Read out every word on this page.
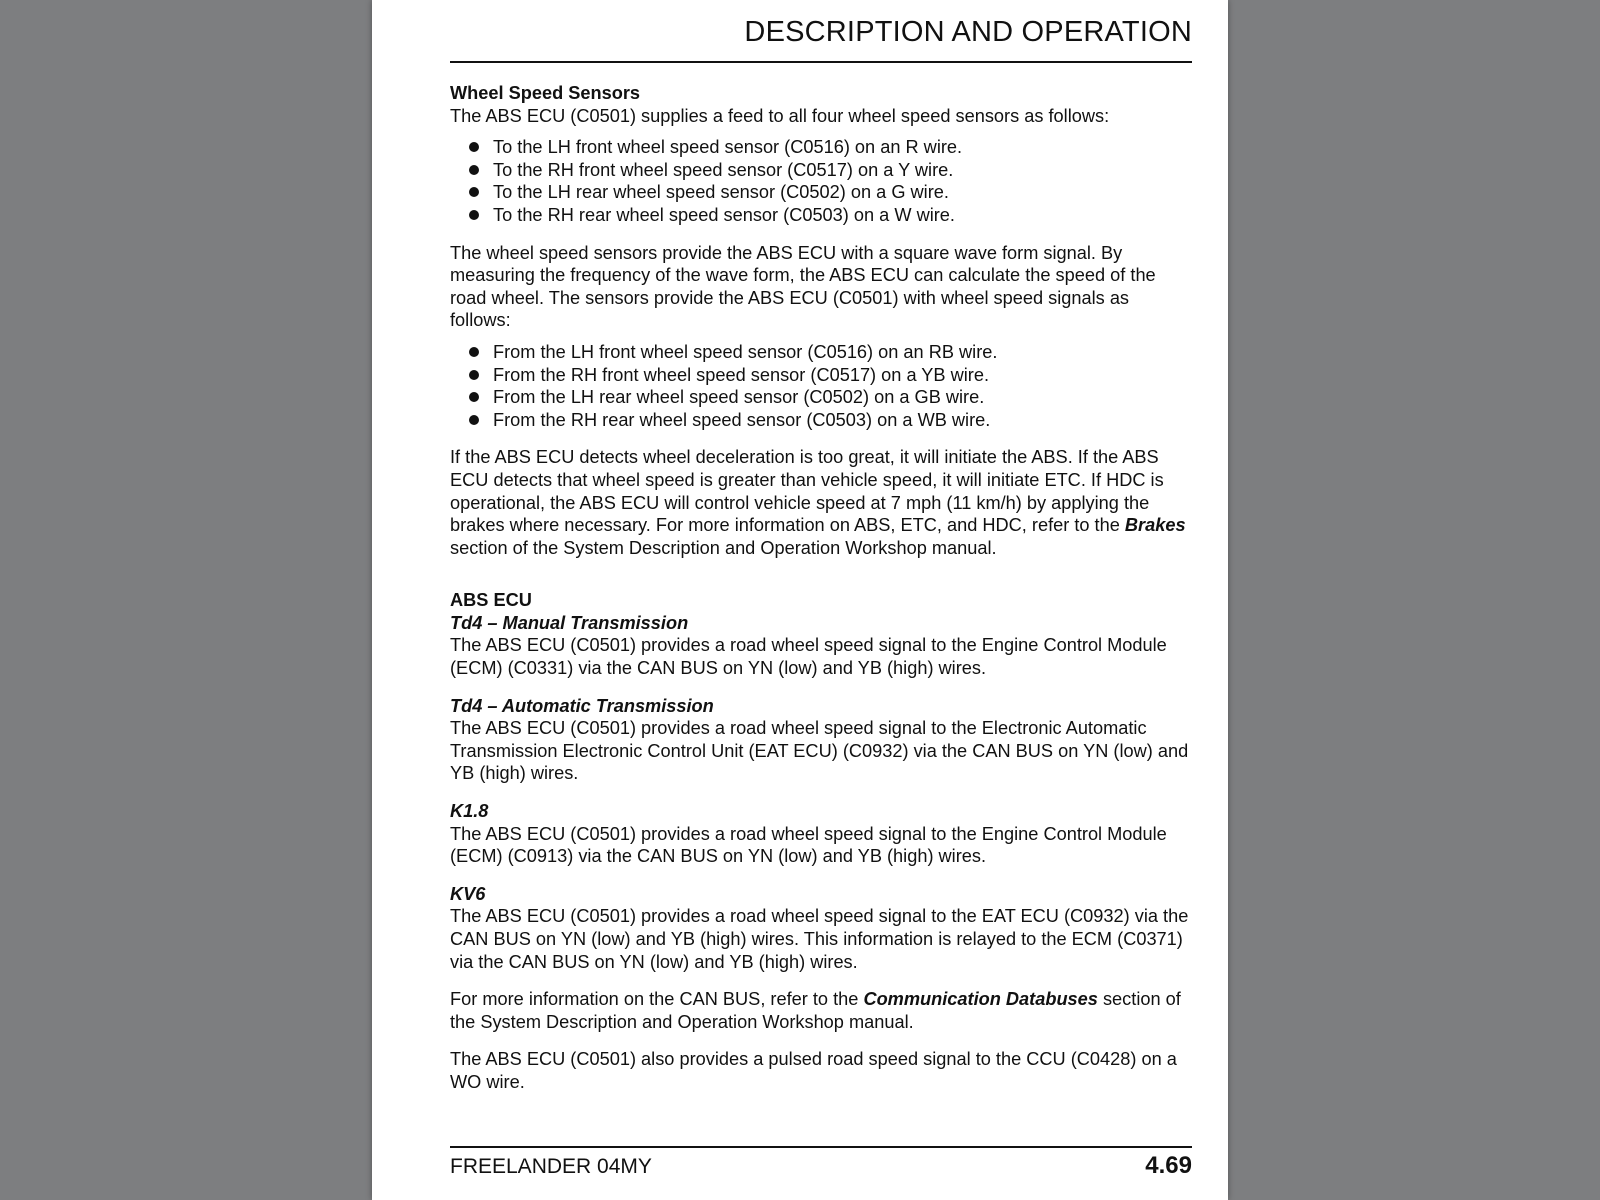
DESCRIPTION AND OPERATION

Wheel Speed Sensors

The ABS ECU (C0501) supplies a feed to all four wheel speed sensors as follows:

To the LH front wheel speed sensor (C0516) on an R wire.
To the RH front wheel speed sensor (C0517) on a Y wire.
To the LH rear wheel speed sensor (C0502) on a G wire.
To the RH rear wheel speed sensor (C0503) on a W wire.

The wheel speed sensors provide the ABS ECU with a square wave form signal. By measuring the frequency of the wave form, the ABS ECU can calculate the speed of the road wheel. The sensors provide the ABS ECU (C0501) with wheel speed signals as follows:

From the LH front wheel speed sensor (C0516) on an RB wire.
From the RH front wheel speed sensor (C0517) on a YB wire.
From the LH rear wheel speed sensor (C0502) on a GB wire.
From the RH rear wheel speed sensor (C0503) on a WB wire.

If the ABS ECU detects wheel deceleration is too great, it will initiate the ABS. If the ABS ECU detects that wheel speed is greater than vehicle speed, it will initiate ETC. If HDC is operational, the ABS ECU will control vehicle speed at 7 mph (11 km/h) by applying the brakes where necessary. For more information on ABS, ETC, and HDC, refer to the Brakes section of the System Description and Operation Workshop manual.

ABS ECU

Td4 – Manual Transmission

The ABS ECU (C0501) provides a road wheel speed signal to the Engine Control Module (ECM) (C0331) via the CAN BUS on YN (low) and YB (high) wires.

Td4 – Automatic Transmission

The ABS ECU (C0501) provides a road wheel speed signal to the Electronic Automatic Transmission Electronic Control Unit (EAT ECU) (C0932) via the CAN BUS on YN (low) and YB (high) wires.

K1.8

The ABS ECU (C0501) provides a road wheel speed signal to the Engine Control Module (ECM) (C0913) via the CAN BUS on YN (low) and YB (high) wires.

KV6

The ABS ECU (C0501) provides a road wheel speed signal to the EAT ECU (C0932) via the CAN BUS on YN (low) and YB (high) wires. This information is relayed to the ECM (C0371) via the CAN BUS on YN (low) and YB (high) wires.

For more information on the CAN BUS, refer to the Communication Databuses section of the System Description and Operation Workshop manual.

The ABS ECU (C0501) also provides a pulsed road speed signal to the CCU (C0428) on a WO wire.

FREELANDER 04MY	4.69
